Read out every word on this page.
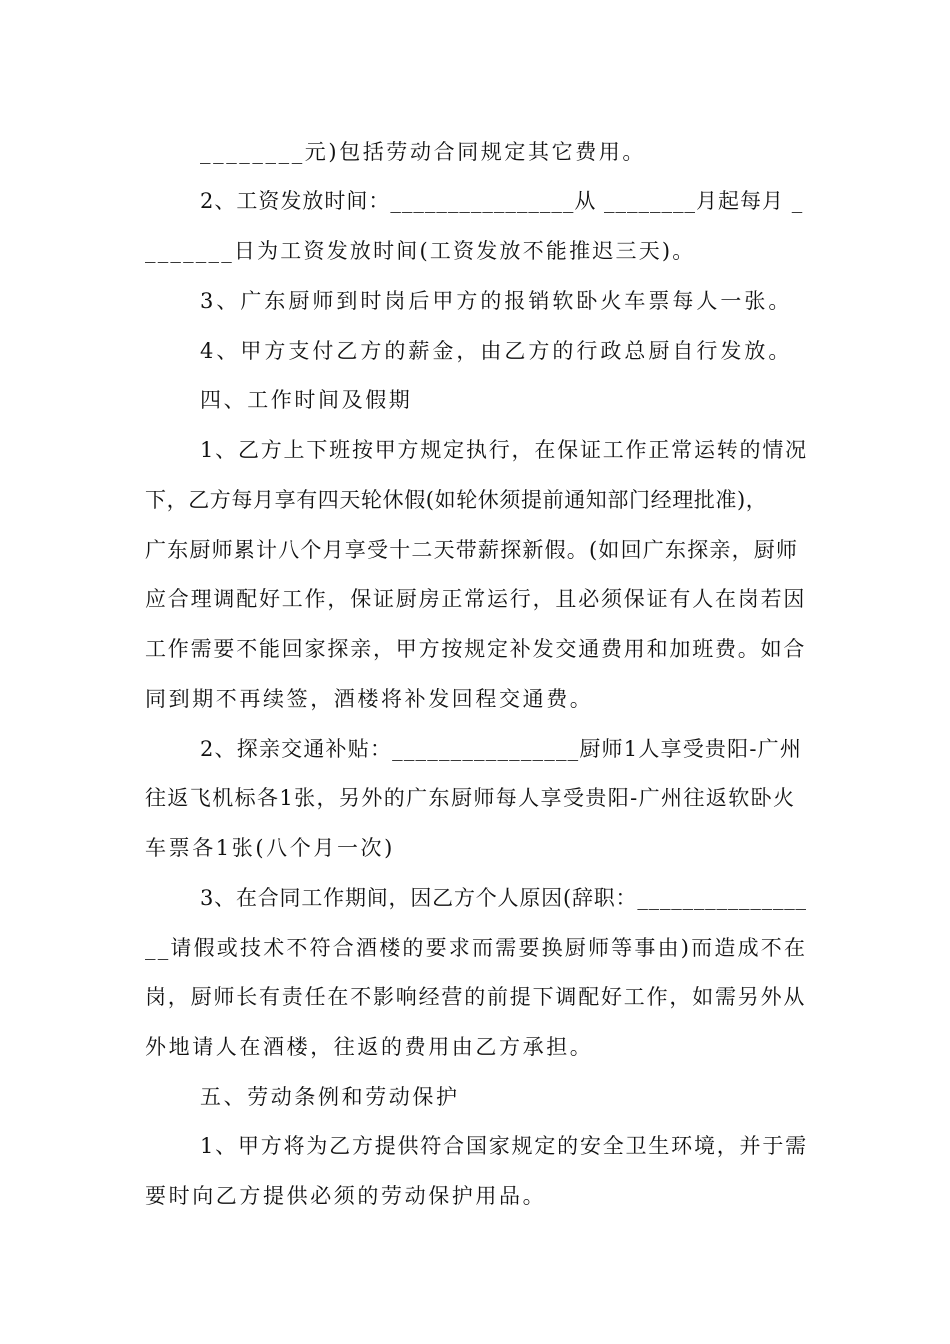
________元)包括劳动合同规定其它费用。
2、工资发放时间：________________从 ________月起每月 _
_______日为工资发放时间(工资发放不能推迟三天)。
3、广东厨师到时岗后甲方的报销软卧火车票每人一张。
4、甲方支付乙方的薪金，由乙方的行政总厨自行发放。
四、工作时间及假期
1、乙方上下班按甲方规定执行，在保证工作正常运转的情况
下，乙方每月享有四天轮休假(如轮休须提前通知部门经理批准)，
广东厨师累计八个月享受十二天带薪探新假。(如回广东探亲，厨师
应合理调配好工作，保证厨房正常运行，且必须保证有人在岗若因
工作需要不能回家探亲，甲方按规定补发交通费用和加班费。如合
同到期不再续签，酒楼将补发回程交通费。
2、探亲交通补贴：________________厨师1人享受贵阳-广州
往返飞机标各1张，另外的广东厨师每人享受贵阳-广州往返软卧火
车票各1张(八个月一次)
3、在合同工作期间，因乙方个人原因(辞职：_______________
__请假或技术不符合酒楼的要求而需要换厨师等事由)而造成不在
岗，厨师长有责任在不影响经营的前提下调配好工作，如需另外从
外地请人在酒楼，往返的费用由乙方承担。
五、劳动条例和劳动保护
1、甲方将为乙方提供符合国家规定的安全卫生环境，并于需
要时向乙方提供必须的劳动保护用品。
